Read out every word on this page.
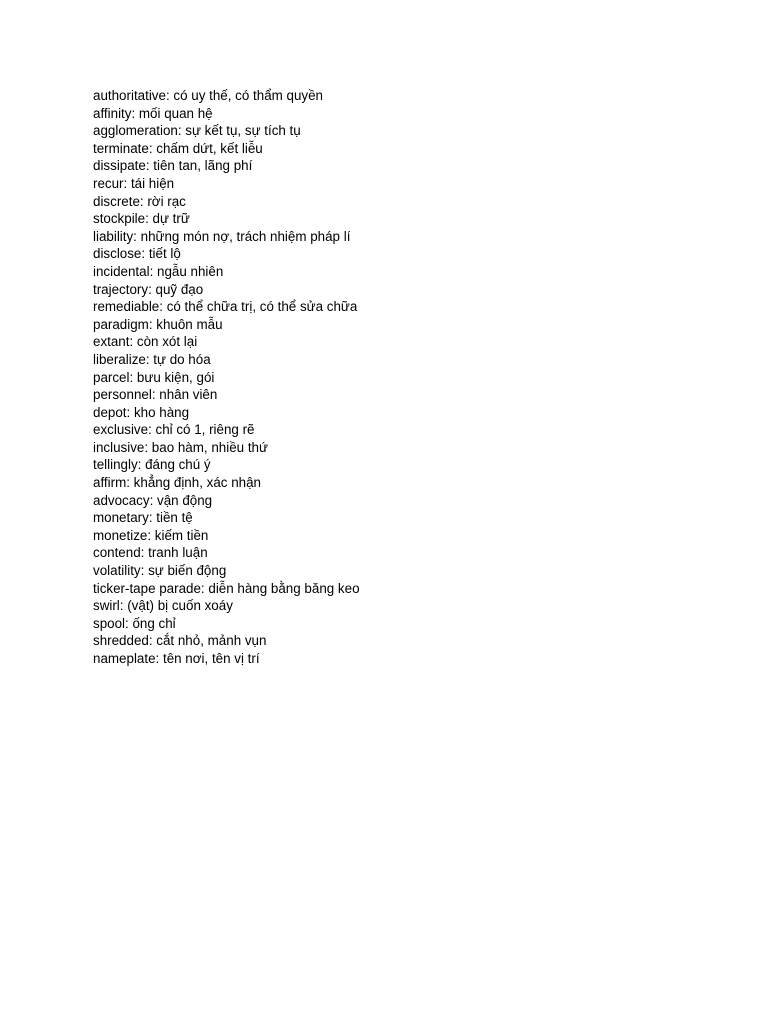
authoritative: có uy thế, có thẩm quyền
affinity: mối quan hệ
agglomeration: sự kết tụ, sự tích tụ
terminate: chấm dứt, kết liễu
dissipate: tiên tan, lãng phí
recur: tái hiện
discrete: rời rạc
stockpile: dự trữ
liability: những món nợ, trách nhiệm pháp lí
disclose: tiết lộ
incidental: ngẫu nhiên
trajectory: quỹ đạo
remediable: có thể chữa trị, có thể sửa chữa
paradigm: khuôn mẫu
extant: còn xót lại
liberalize: tự do hóa
parcel: bưu kiện, gói
personnel: nhân viên
depot: kho hàng
exclusive: chỉ có 1, riêng rẽ
inclusive: bao hàm, nhiều thứ
tellingly: đáng chú ý
affirm: khẳng định, xác nhận
advocacy: vận động
monetary: tiền tệ
monetize: kiếm tiền
contend: tranh luận
volatility: sự biến động
ticker-tape parade: diễn hàng bằng băng keo
swirl: (vật) bị cuốn xoáy
spool: ống chỉ
shredded: cắt nhỏ, mảnh vụn
nameplate: tên nơi, tên vị trí
